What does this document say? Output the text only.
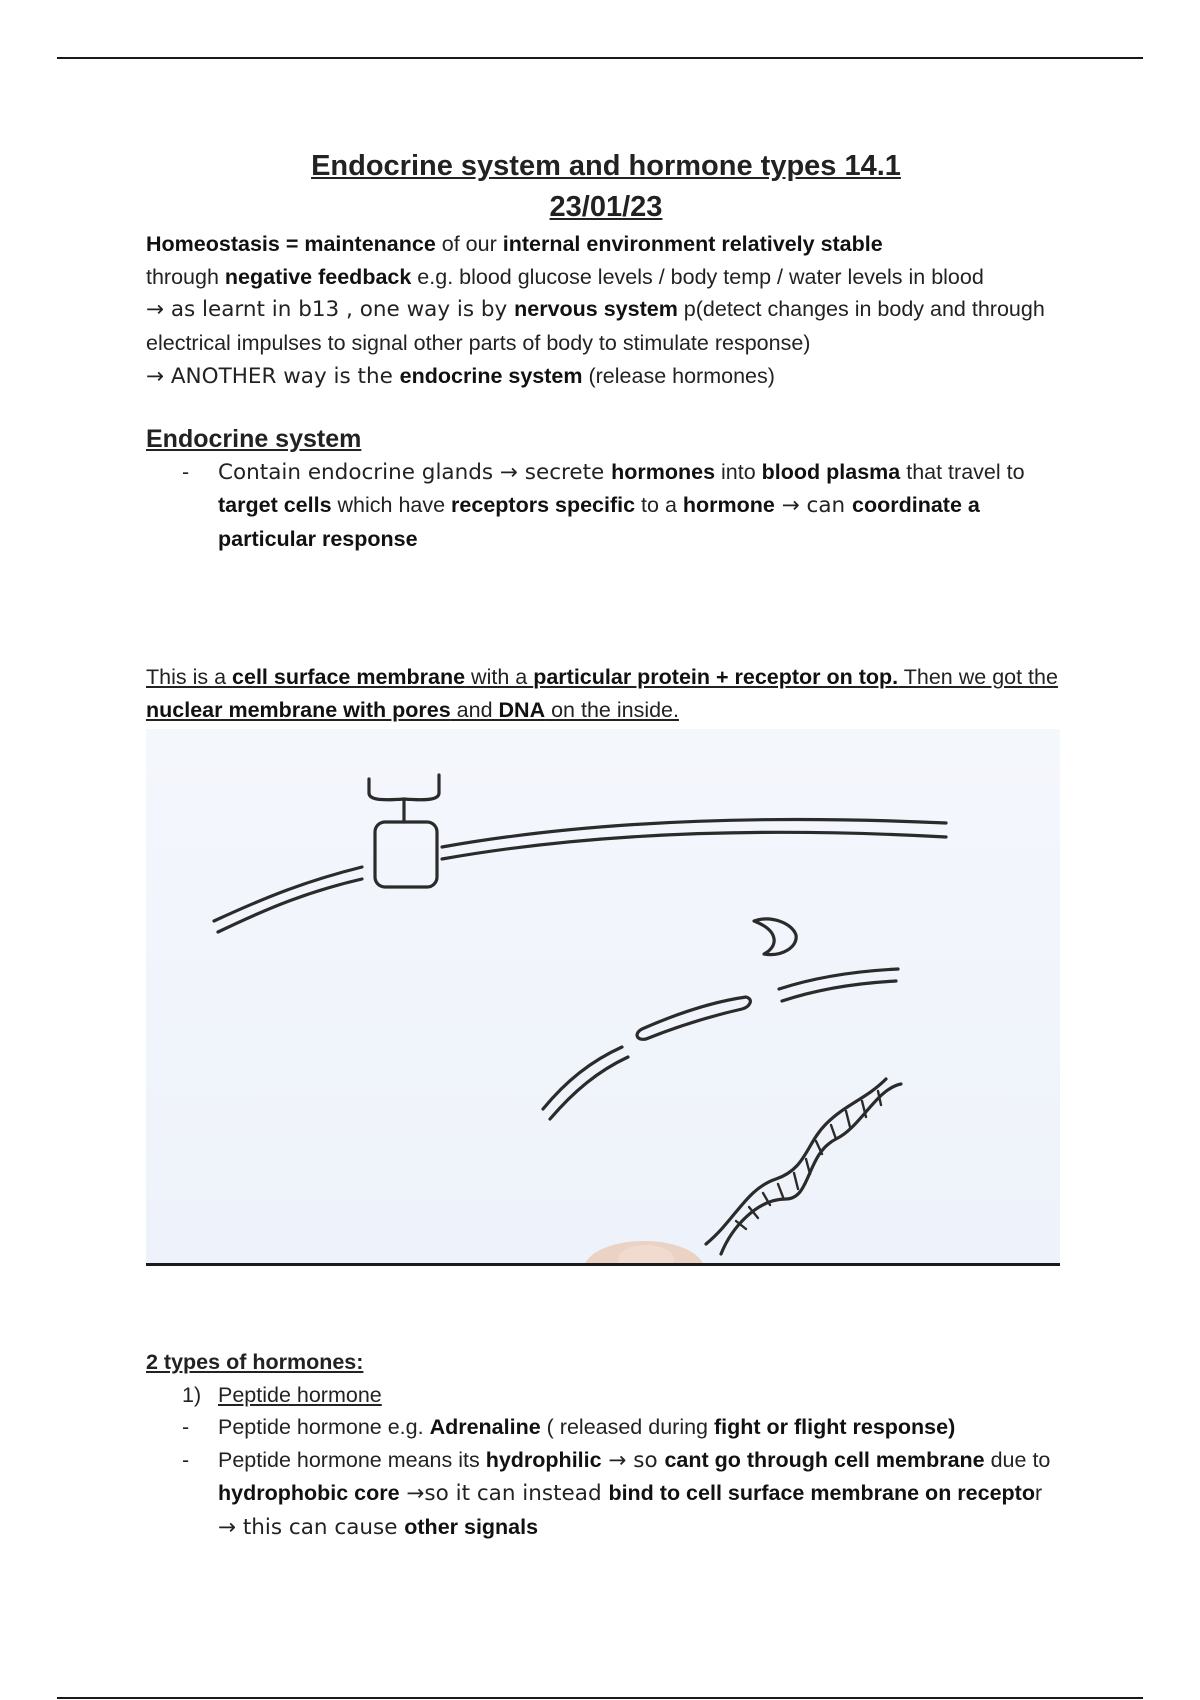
Endocrine system and hormone types 14.1
23/01/23

Homeostasis = maintenance of our internal environment relatively stable
through negative feedback e.g. blood glucose levels / body temp / water levels in blood

→ as learnt in b13 , one way is by nervous system p(detect changes in body and through electrical impulses to signal other parts of body to stimulate response)

→ ANOTHER way is the endocrine system (release hormones)

Endocrine system
- Contain endocrine glands → secrete hormones into blood plasma that travel to target cells which have receptors specific to a hormone → can coordinate a particular response

This is a cell surface membrane with a particular protein + receptor on top. Then we got the nuclear membrane with pores and DNA on the inside.

2 types of hormones:

1) Peptide hormone
- Peptide hormone e.g. Adrenaline ( released during fight or flight response)
- Peptide hormone means its hydrophilic → so cant go through cell membrane due to hydrophobic core →so it can instead bind to cell surface membrane on receptor → this can cause other signals
